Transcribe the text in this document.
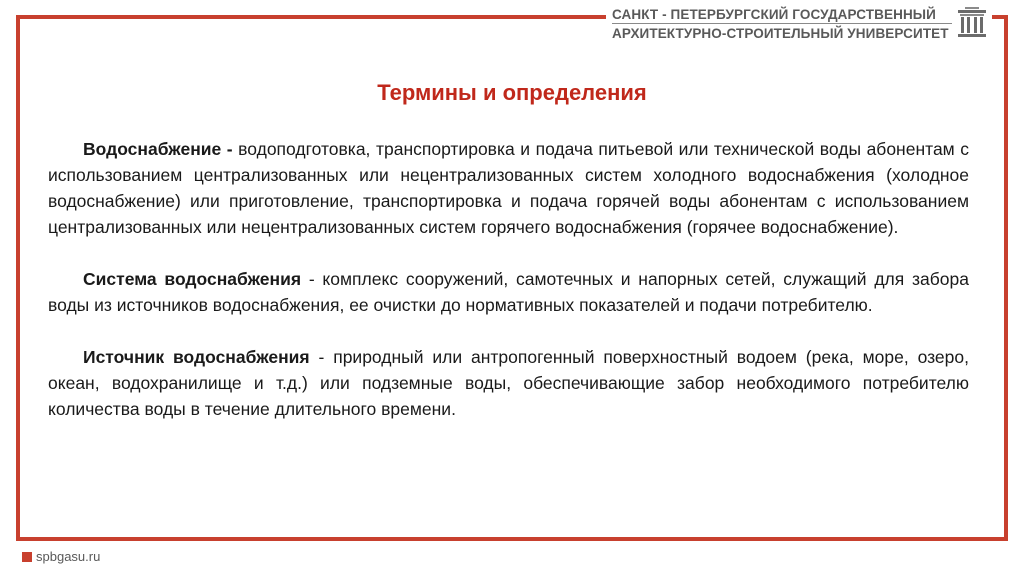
САНКТ - ПЕТЕРБУРГСКИЙ ГОСУДАРСТВЕННЫЙ
АРХИТЕКТУРНО-СТРОИТЕЛЬНЫЙ УНИВЕРСИТЕТ
Термины и определения

Водоснабжение - водоподготовка, транспортировка и подача питьевой или технической воды абонентам с использованием централизованных или нецентрализованных систем холодного водоснабжения (холодное водоснабжение) или приготовление, транспортировка и подача горячей воды абонентам с использованием централизованных или нецентрализованных систем горячего водоснабжения (горячее водоснабжение).

Система водоснабжения - комплекс сооружений, самотечных и напорных сетей, служащий для забора воды из источников водоснабжения, ее очистки до нормативных показателей и подачи потребителю.

Источник водоснабжения - природный или антропогенный поверхностный водоем (река, море, озеро, океан, водохранилище и т.д.) или подземные воды, обеспечивающие забор необходимого потребителю количества воды в течение длительного времени.

spbgasu.ru
